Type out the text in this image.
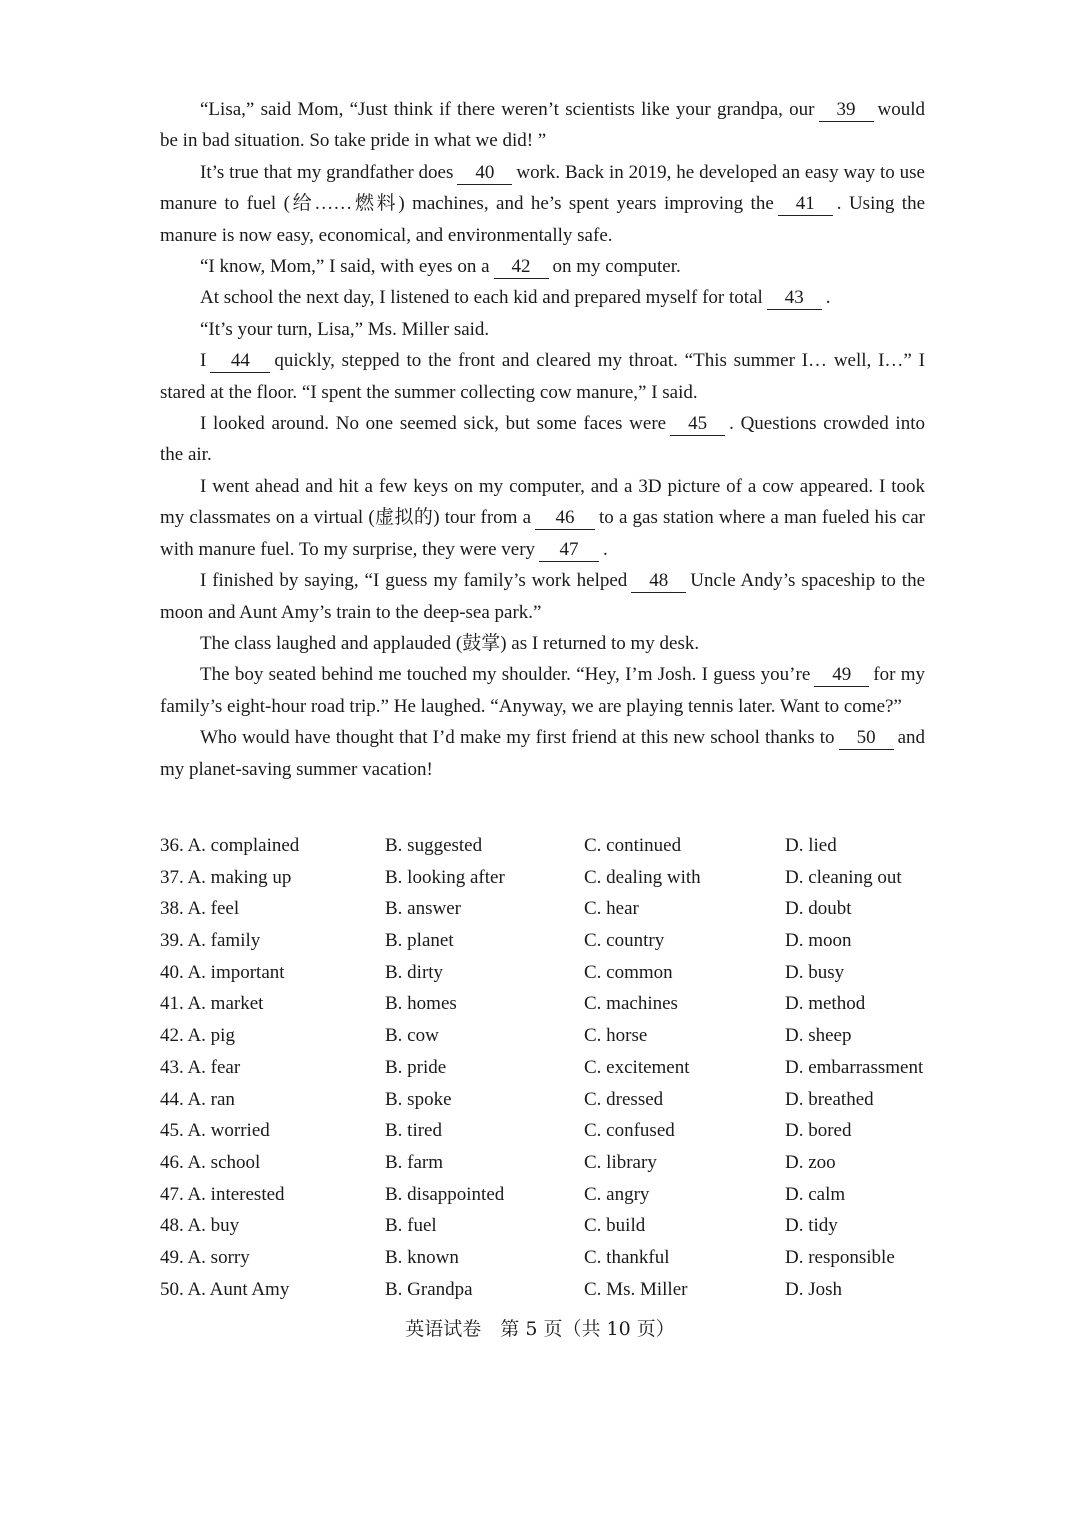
“Lisa,” said Mom, “Just think if there weren’t scientists like your grandpa, our 39 would be in bad situation. So take pride in what we did! ”

It’s true that my grandfather does 40 work. Back in 2019, he developed an easy way to use manure to fuel (给……燃料) machines, and he’s spent years improving the 41 . Using the manure is now easy, economical, and environmentally safe.

“I know, Mom,” I said, with eyes on a 42 on my computer.

At school the next day, I listened to each kid and prepared myself for total 43 .

“It’s your turn, Lisa,” Ms. Miller said.

I 44 quickly, stepped to the front and cleared my throat. “This summer I… well, I…” I stared at the floor. “I spent the summer collecting cow manure,” I said.

I looked around. No one seemed sick, but some faces were 45 . Questions crowded into the air.

I went ahead and hit a few keys on my computer, and a 3D picture of a cow appeared. I took my classmates on a virtual (虚拟的) tour from a 46 to a gas station where a man fueled his car with manure fuel. To my surprise, they were very 47 .

I finished by saying, “I guess my family’s work helped 48 Uncle Andy’s spaceship to the moon and Aunt Amy’s train to the deep-sea park.”

The class laughed and applauded (鼓掌) as I returned to my desk.

The boy seated behind me touched my shoulder. “Hey, I’m Josh. I guess you’re 49 for my family’s eight-hour road trip.” He laughed. “Anyway, we are playing tennis later. Want to come?”

Who would have thought that I’d make my first friend at this new school thanks to 50 and my planet-saving summer vacation!

36. A. complained	B. suggested	C. continued	D. lied
37. A. making up	B. looking after	C. dealing with	D. cleaning out
38. A. feel	B. answer	C. hear	D. doubt
39. A. family	B. planet	C. country	D. moon
40. A. important	B. dirty	C. common	D. busy
41. A. market	B. homes	C. machines	D. method
42. A. pig	B. cow	C. horse	D. sheep
43. A. fear	B. pride	C. excitement	D. embarrassment
44. A. ran	B. spoke	C. dressed	D. breathed
45. A. worried	B. tired	C. confused	D. bored
46. A. school	B. farm	C. library	D. zoo
47. A. interested	B. disappointed	C. angry	D. calm
48. A. buy	B. fuel	C. build	D. tidy
49. A. sorry	B. known	C. thankful	D. responsible
50. A. Aunt Amy	B. Grandpa	C. Ms. Miller	D. Josh
英语试卷　第 5 页（共 10 页）
